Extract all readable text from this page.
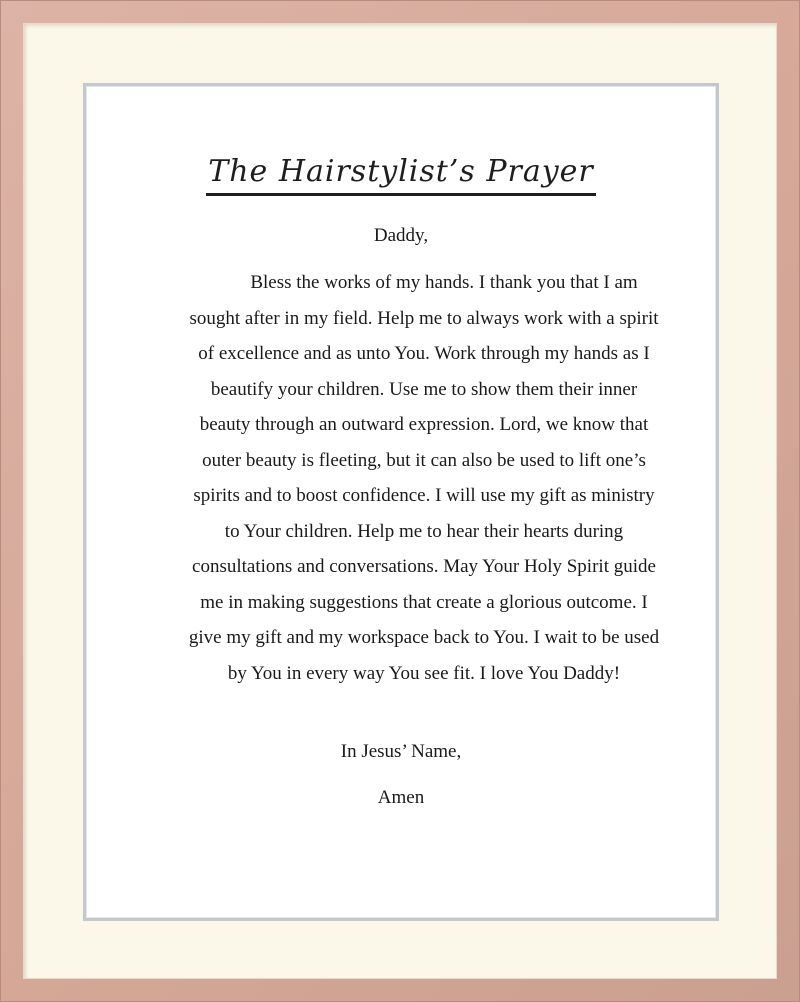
The Hairstylist’s Prayer
Daddy,
Bless the works of my hands. I thank you that I am sought after in my field. Help me to always work with a spirit of excellence and as unto You. Work through my hands as I beautify your children. Use me to show them their inner beauty through an outward expression. Lord, we know that outer beauty is fleeting, but it can also be used to lift one’s spirits and to boost confidence. I will use my gift as ministry to Your children. Help me to hear their hearts during consultations and conversations. May Your Holy Spirit guide me in making suggestions that create a glorious outcome. I give my gift and my workspace back to You. I wait to be used by You in every way You see fit. I love You Daddy!
In Jesus’ Name,
Amen
